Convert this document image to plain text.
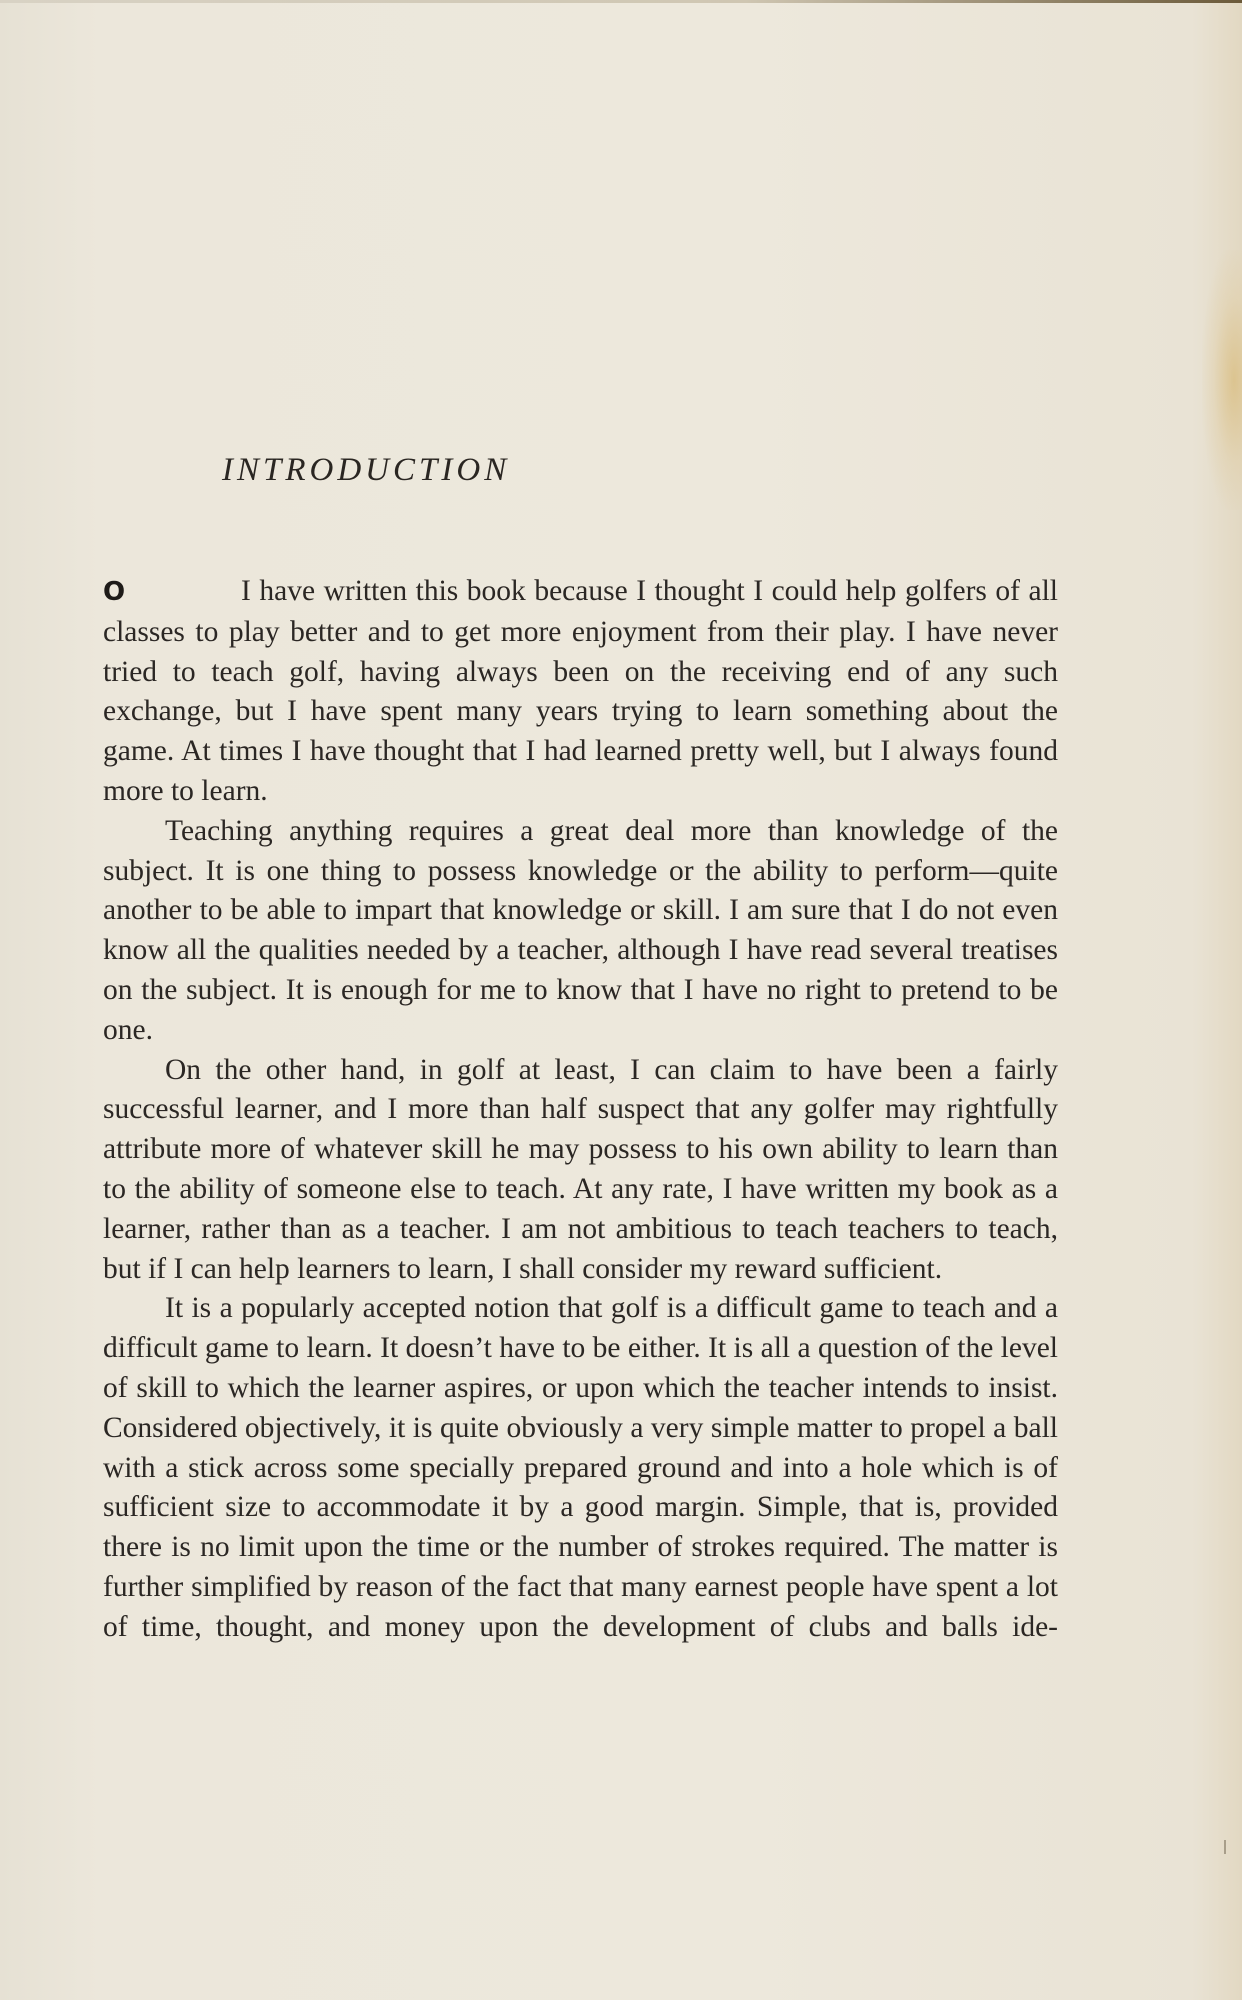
INTRODUCTION

O	I have written this book because I thought I could help golfers of all classes to play better and to get more enjoyment from their play. I have never tried to teach golf, having always been on the receiving end of any such exchange, but I have spent many years trying to learn something about the game. At times I have thought that I had learned pretty well, but I always found more to learn.

Teaching anything requires a great deal more than knowledge of the subject. It is one thing to possess knowledge or the ability to perform—quite another to be able to impart that knowledge or skill. I am sure that I do not even know all the qualities needed by a teacher, although I have read several treatises on the subject. It is enough for me to know that I have no right to pretend to be one.

On the other hand, in golf at least, I can claim to have been a fairly successful learner, and I more than half suspect that any golfer may rightfully attribute more of whatever skill he may possess to his own ability to learn than to the ability of someone else to teach. At any rate, I have written my book as a learner, rather than as a teacher. I am not ambitious to teach teachers to teach, but if I can help learners to learn, I shall consider my reward sufficient.

It is a popularly accepted notion that golf is a difficult game to teach and a difficult game to learn. It doesn’t have to be either. It is all a question of the level of skill to which the learner aspires, or upon which the teacher intends to insist. Considered objectively, it is quite obviously a very simple matter to propel a ball with a stick across some specially prepared ground and into a hole which is of sufficient size to accommodate it by a good margin. Simple, that is, provided there is no limit upon the time or the number of strokes required. The matter is further simplified by reason of the fact that many earnest people have spent a lot of time, thought, and money upon the development of clubs and balls ide-
